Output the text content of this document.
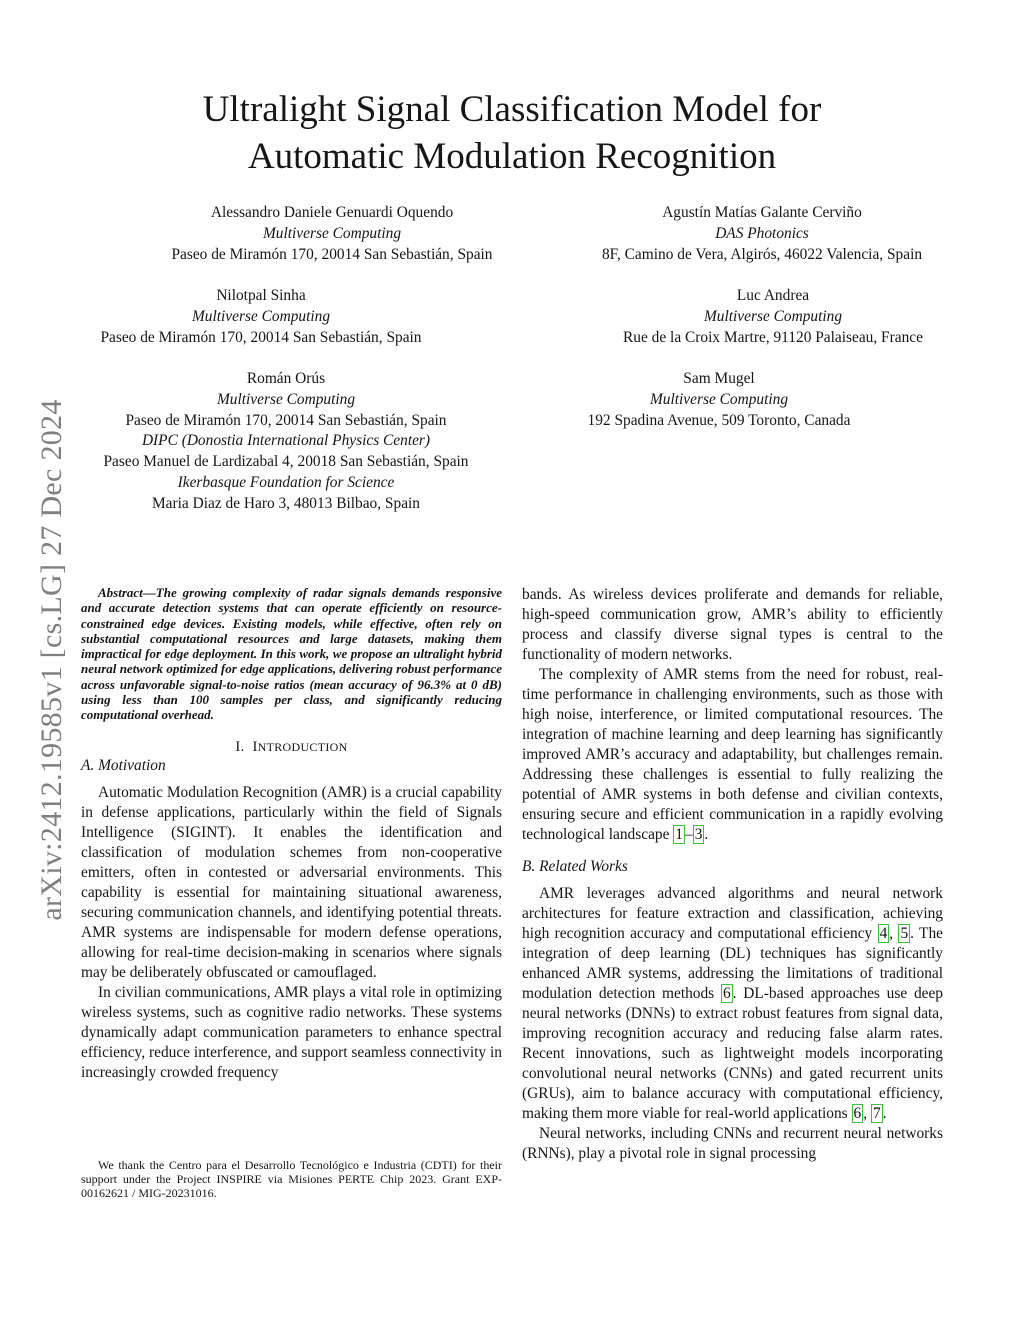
arXiv:2412.19585v1 [cs.LG] 27 Dec 2024
Ultralight Signal Classification Model for
Automatic Modulation Recognition
Alessandro Daniele Genuardi Oquendo
Multiverse Computing
Paseo de Miramón 170, 20014 San Sebastián, Spain
Agustín Matías Galante Cerviño
DAS Photonics
8F, Camino de Vera, Algirós, 46022 Valencia, Spain
Nilotpal Sinha
Multiverse Computing
Paseo de Miramón 170, 20014 San Sebastián, Spain
Luc Andrea
Multiverse Computing
Rue de la Croix Martre, 91120 Palaiseau, France
Román Orús
Multiverse Computing
Paseo de Miramón 170, 20014 San Sebastián, Spain
DIPC (Donostia International Physics Center)
Paseo Manuel de Lardizabal 4, 20018 San Sebastián, Spain
Ikerbasque Foundation for Science
Maria Diaz de Haro 3, 48013 Bilbao, Spain
Sam Mugel
Multiverse Computing
192 Spadina Avenue, 509 Toronto, Canada

Abstract—The growing complexity of radar signals demands responsive and accurate detection systems that can operate efficiently on resource-constrained edge devices. Existing models, while effective, often rely on substantial computational resources and large datasets, making them impractical for edge deployment. In this work, we propose an ultralight hybrid neural network optimized for edge applications, delivering robust performance across unfavorable signal-to-noise ratios (mean accuracy of 96.3% at 0 dB) using less than 100 samples per class, and significantly reducing computational overhead.

I. INTRODUCTION
A. Motivation

Automatic Modulation Recognition (AMR) is a crucial capability in defense applications, particularly within the field of Signals Intelligence (SIGINT). It enables the identification and classification of modulation schemes from non-cooperative emitters, often in contested or adversarial environments. This capability is essential for maintaining situational awareness, securing communication channels, and identifying potential threats. AMR systems are indispensable for modern defense operations, allowing for real-time decision-making in scenarios where signals may be deliberately obfuscated or camouflaged.

In civilian communications, AMR plays a vital role in optimizing wireless systems, such as cognitive radio networks. These systems dynamically adapt communication parameters to enhance spectral efficiency, reduce interference, and support seamless connectivity in increasingly crowded frequency

bands. As wireless devices proliferate and demands for reliable, high-speed communication grow, AMR’s ability to efficiently process and classify diverse signal types is central to the functionality of modern networks.

The complexity of AMR stems from the need for robust, real-time performance in challenging environments, such as those with high noise, interference, or limited computational resources. The integration of machine learning and deep learning has significantly improved AMR’s accuracy and adaptability, but challenges remain. Addressing these challenges is essential to fully realizing the potential of AMR systems in both defense and civilian contexts, ensuring secure and efficient communication in a rapidly evolving technological landscape 1 – 3 .

B. Related Works

AMR leverages advanced algorithms and neural network architectures for feature extraction and classification, achieving high recognition accuracy and computational efficiency 4 , 5 . The integration of deep learning (DL) techniques has significantly enhanced AMR systems, addressing the limitations of traditional modulation detection methods 6 . DL-based approaches use deep neural networks (DNNs) to extract robust features from signal data, improving recognition accuracy and reducing false alarm rates. Recent innovations, such as lightweight models incorporating convolutional neural networks (CNNs) and gated recurrent units (GRUs), aim to balance accuracy with computational efficiency, making them more viable for real-world applications 6 , 7 .

Neural networks, including CNNs and recurrent neural networks (RNNs), play a pivotal role in signal processing

We thank the Centro para el Desarrollo Tecnológico e Industria (CDTI) for their support under the Project INSPIRE via Misiones PERTE Chip 2023. Grant EXP-00162621 / MIG-20231016.
